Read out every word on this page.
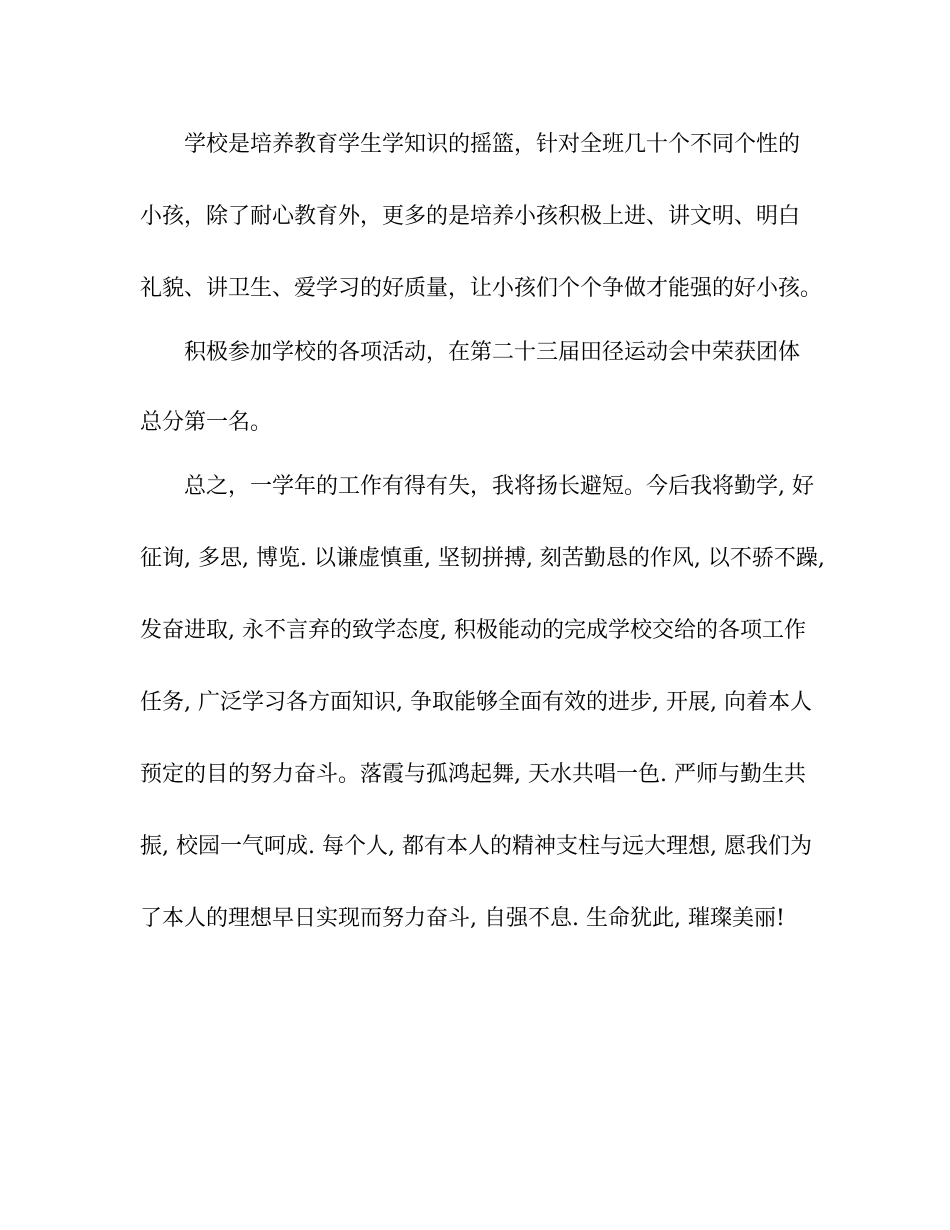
学校是培养教育学生学知识的摇篮，针对全班几十个不同个性的
小孩，除了耐心教育外，更多的是培养小孩积极上进、讲文明、明白
礼貌、讲卫生、爱学习的好质量，让小孩们个个争做才能强的好小孩。
积极参加学校的各项活动，在第二十三届田径运动会中荣获团体
总分第一名。
总之，一学年的工作有得有失，我将扬长避短。今后我将勤学, 好
征询, 多思, 博览. 以谦虚慎重, 坚韧拼搏, 刻苦勤恳的作风, 以不骄不躁,
发奋进取, 永不言弃的致学态度, 积极能动的完成学校交给的各项工作
任务, 广泛学习各方面知识, 争取能够全面有效的进步, 开展, 向着本人
预定的目的努力奋斗。落霞与孤鸿起舞, 天水共唱一色. 严师与勤生共
振, 校园一气呵成. 每个人, 都有本人的精神支柱与远大理想, 愿我们为
了本人的理想早日实现而努力奋斗, 自强不息. 生命犹此, 璀璨美丽!
